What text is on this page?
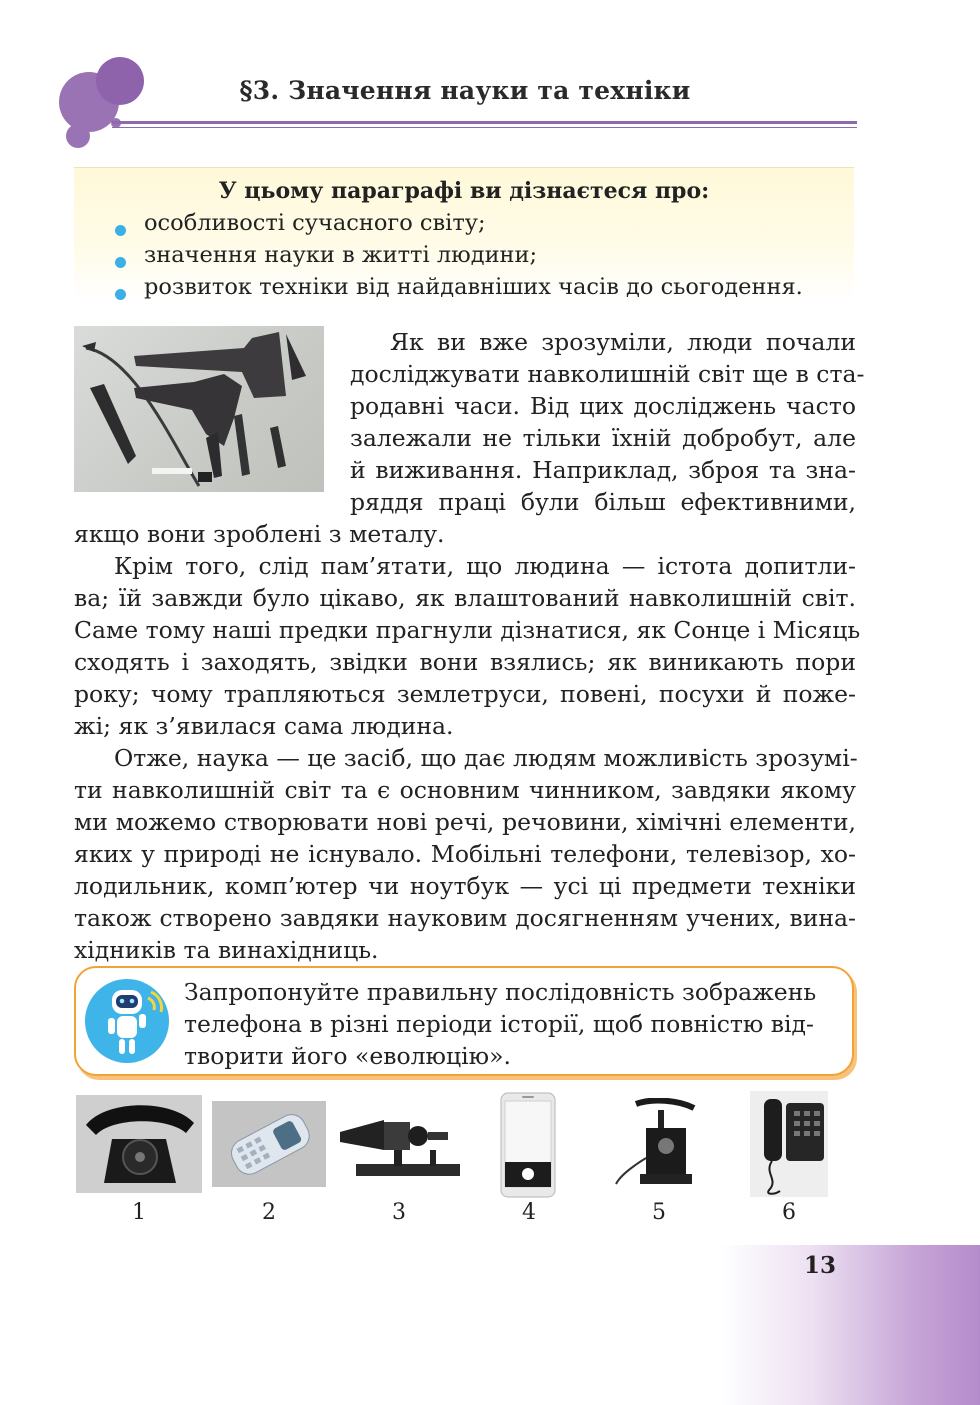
§3. Значення науки та техніки
У цьому параграфі ви дізнаєтеся про:
особливості сучасного світу;
значення науки в житті людини;
розвиток техніки від найдавніших часів до сьогодення.
Як ви вже зрозуміли, люди почали
досліджувати навколишній світ ще в ста-
родавні часи. Від цих досліджень часто
залежали не тільки їхній добробут, але
й виживання. Наприклад, зброя та зна-
ряддя праці були більш ефективними,
якщо вони зроблені з металу.
Крім того, слід пам’ятати, що людина — істота допитли-
ва; їй завжди було цікаво, як влаштований навколишній світ.
Саме тому наші предки прагнули дізнатися, як Сонце і Місяць
сходять і заходять, звідки вони взялись; як виникають пори
року; чому трапляються землетруси, повені, посухи й поже-
жі; як з’явилася сама людина.
Отже, наука — це засіб, що дає людям можливість зрозумі-
ти навколишній світ та є основним чинником, завдяки якому
ми можемо створювати нові речі, речовини, хімічні елементи,
яких у природі не існувало. Мобільні телефони, телевізор, хо-
лодильник, комп’ютер чи ноутбук — усі ці предмети техніки
також створено завдяки науковим досягненням учених, вина-
хідників та винахідниць.
Запропонуйте правильну послідовність зображень
телефона в різні періоди історії, щоб повністю від-
творити його «еволюцію».
1	2	3	4	5	6
13
